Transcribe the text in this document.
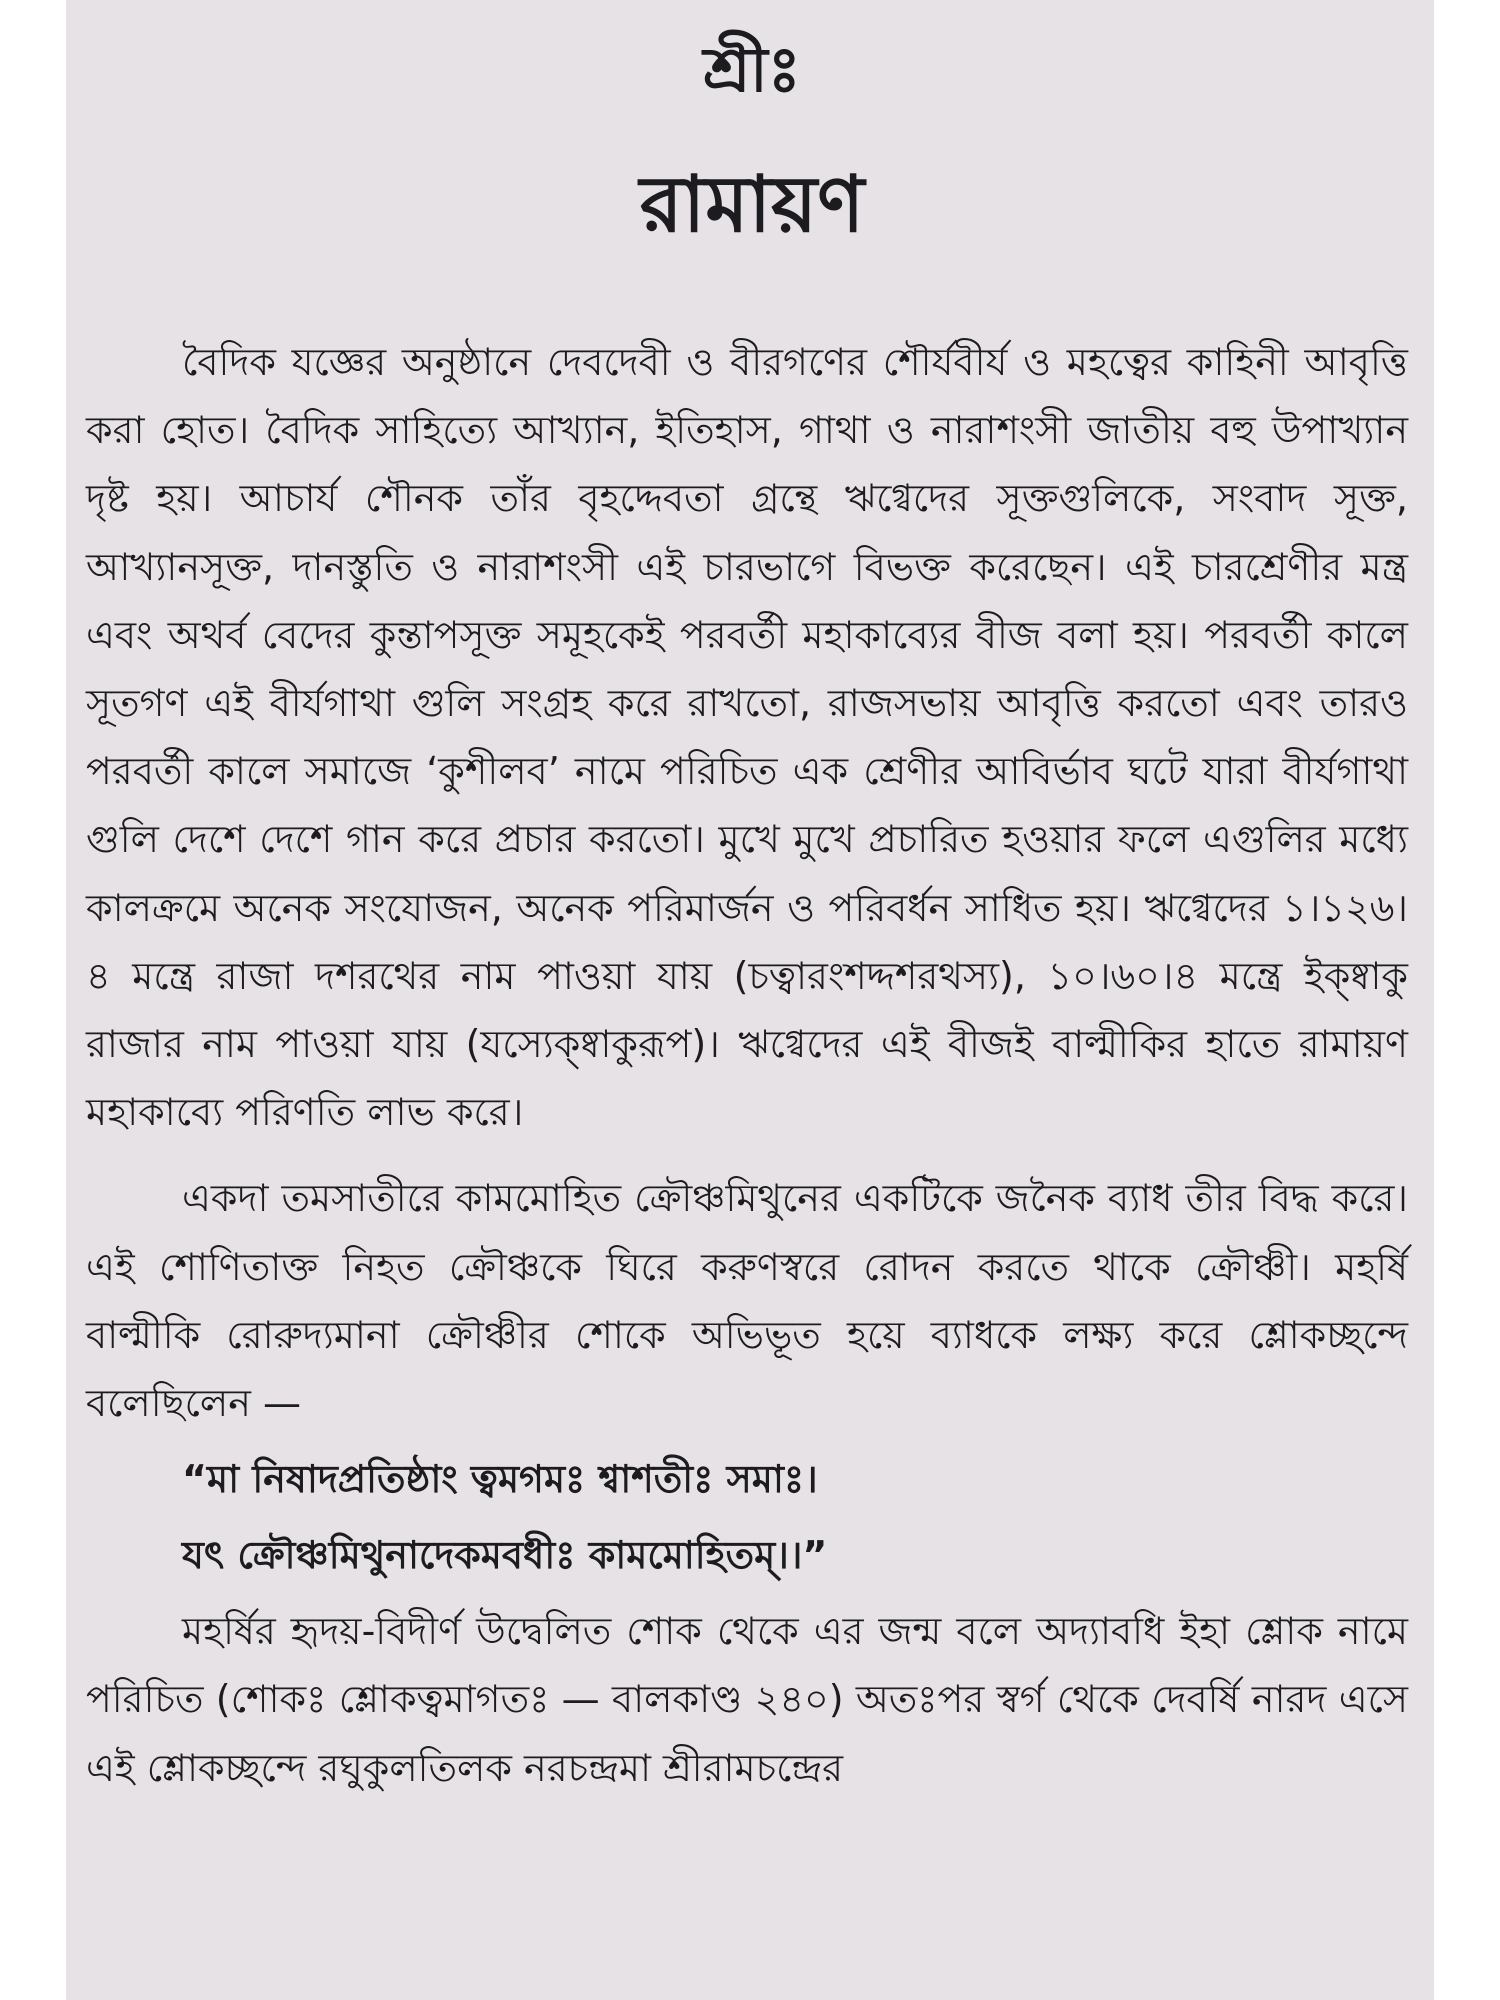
শ্রীঃ
রামায়ণ

বৈদিক যজ্ঞের অনুষ্ঠানে দেবদেবী ও বীরগণের শৌর্যবীর্য ও মহত্বের কাহিনী আবৃত্তি করা হোত। বৈদিক সাহিত্যে আখ্যান, ইতিহাস, গাথা ও নারাশংসী জাতীয় বহু উপাখ্যান দৃষ্ট হয়। আচার্য শৌনক তাঁর বৃহদ্দেবতা গ্রন্থে ঋগ্বেদের সূক্তগুলিকে, সংবাদ সূক্ত, আখ্যানসূক্ত, দানস্তুতি ও নারাশংসী এই চারভাগে বিভক্ত করেছেন। এই চারশ্রেণীর মন্ত্র এবং অথর্ব বেদের কুন্তাপসূক্ত সমূহকেই পরবর্তী মহাকাব্যের বীজ বলা হয়। পরবর্তী কালে সূতগণ এই বীর্যগাথা গুলি সংগ্রহ করে রাখতো, রাজসভায় আবৃত্তি করতো এবং তারও পরবর্তী কালে সমাজে ‘কুশীলব’ নামে পরিচিত এক শ্রেণীর আবির্ভাব ঘটে যারা বীর্যগাথা গুলি দেশে দেশে গান করে প্রচার করতো। মুখে মুখে প্রচারিত হওয়ার ফলে এগুলির মধ্যে কালক্রমে অনেক সংযোজন, অনেক পরিমার্জন ও পরিবর্ধন সাধিত হয়। ঋগ্বেদের ১।১২৬।৪ মন্ত্রে রাজা দশরথের নাম পাওয়া যায় (চত্বারংশদ্দশরথস্য), ১০।৬০।৪ মন্ত্রে ইক্ষ্বাকু রাজার নাম পাওয়া যায় (যস্যেক্ষ্বাকুরূপ)। ঋগ্বেদের এই বীজই বাল্মীকির হাতে রামায়ণ মহাকাব্যে পরিণতি লাভ করে।

একদা তমসাতীরে কামমোহিত ক্রৌঞ্চমিথুনের একটিকে জনৈক ব্যাধ তীর বিদ্ধ করে। এই শোণিতাক্ত নিহত ক্রৌঞ্চকে ঘিরে করুণস্বরে রোদন করতে থাকে ক্রৌঞ্চী। মহর্ষি বাল্মীকি রোরুদ্যমানা ক্রৌঞ্চীর শোকে অভিভূত হয়ে ব্যাধকে লক্ষ্য করে শ্লোকচ্ছন্দে বলেছিলেন —

“মা নিষাদপ্রতিষ্ঠাং ত্বমগমঃ শ্বাশতীঃ সমাঃ।

যৎ ক্রৌঞ্চমিথুনাদেকমবধীঃ কামমোহিতম্।।”

মহর্ষির হৃদয়-বিদীর্ণ উদ্বেলিত শোক থেকে এর জন্ম বলে অদ্যাবধি ইহা শ্লোক নামে পরিচিত (শোকঃ শ্লোকত্বমাগতঃ — বালকাণ্ড ২৪০) অতঃপর স্বর্গ থেকে দেবর্ষি নারদ এসে এই শ্লোকচ্ছন্দে রঘুকুলতিলক নরচন্দ্রমা শ্রীরামচন্দ্রের
